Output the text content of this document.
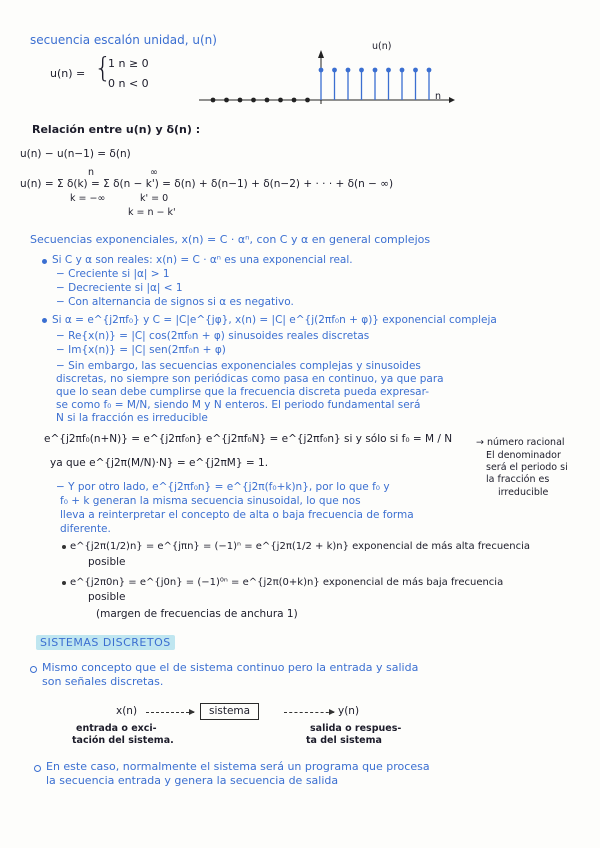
secuencia escalón unidad, u(n)
u(n) = {
1 n ≥ 0
0 n < 0
u(n)
n
Relación entre u(n) y δ(n) :
u(n) − u(n−1) = δ(n)
n	∞
u(n) = Σ δ(k) = Σ δ(n − k') = δ(n) + δ(n−1) + δ(n−2) + · · · + δ(n − ∞)
k = −∞	k' = 0
k = n − k'
Secuencias exponenciales, x(n) = C · αⁿ, con C y α en general complejos
Si C y α son reales: x(n) = C · αⁿ es una exponencial real.
− Creciente si |α| > 1
− Decreciente si |α| < 1
− Con alternancia de signos si α es negativo.
Si α = e^{j2πf₀} y C = |C|e^{jφ}, x(n) = |C| e^{j(2πf₀n + φ)} exponencial compleja
− Re{x(n)} = |C| cos(2πf₀n + φ) sinusoides reales discretas
− Im{x(n)} = |C| sen(2πf₀n + φ)
− Sin embargo, las secuencias exponenciales complejas y sinusoides
discretas, no siempre son periódicas como pasa en continuo, ya que para
que lo sean debe cumplirse que la frecuencia discreta pueda expresar-
se como f₀ = M/N, siendo M y N enteros. El periodo fundamental será
N si la fracción es irreducible
e^{j2πf₀(n+N)} = e^{j2πf₀n} e^{j2πf₀N} = e^{j2πf₀n} si y sólo si f₀ = M / N
ya que e^{j2π(M/N)·N} = e^{j2πM} = 1.
→ número racional
El denominador
será el periodo si
la fracción es
irreducible
− Y por otro lado, e^{j2πf₀n} = e^{j2π(f₀+k)n}, por lo que f₀ y
f₀ + k generan la misma secuencia sinusoidal, lo que nos
lleva a reinterpretar el concepto de alta o baja frecuencia de forma
diferente.
e^{j2π(1/2)n} = e^{jπn} = (−1)ⁿ = e^{j2π(1/2 + k)n} exponencial de más alta frecuencia
posible
e^{j2π0n} = e^{j0n} = (−1)⁰ⁿ = e^{j2π(0+k)n} exponencial de más baja frecuencia
posible
(margen de frecuencias de anchura 1)
SISTEMAS DISCRETOS
Mismo concepto que el de sistema continuo pero la entrada y salida
son señales discretas.
x(n)	sistema	y(n)
entrada o exci-
tación del sistema.
salida o respues-
ta del sistema
En este caso, normalmente el sistema será un programa que procesa
la secuencia entrada y genera la secuencia de salida
